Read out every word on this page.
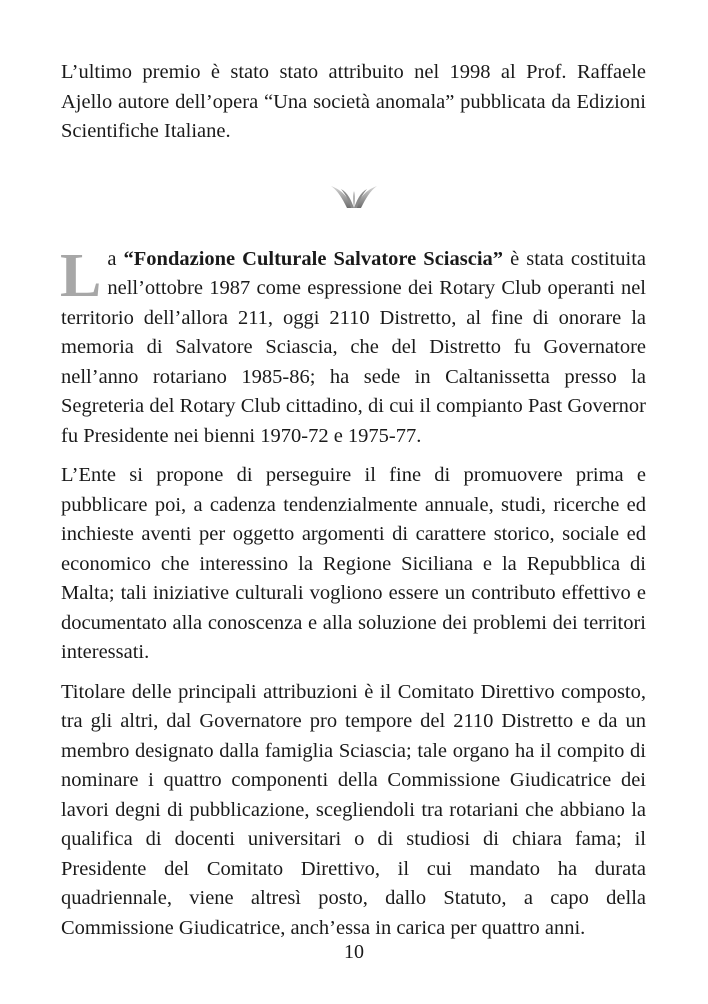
L’ultimo premio è stato stato attribuito nel 1998 al Prof. Raffaele Ajello autore dell’opera “Una società anomala” pubblicata da Edizioni Scientifiche Italiane.

La “Fondazione Culturale Salvatore Sciascia” è stata costituita nell’ottobre 1987 come espressione dei Rotary Club operanti nel territorio dell’allora 211, oggi 2110 Distretto, al fine di onorare la memoria di Salvatore Sciascia, che del Distretto fu Governatore nell’anno rotariano 1985-86; ha sede in Caltanissetta presso la Segreteria del Rotary Club cittadino, di cui il compianto Past Governor fu Presidente nei bienni 1970-72 e 1975-77.

L’Ente si propone di perseguire il fine di promuovere prima e pubblicare poi, a cadenza tendenzialmente annuale, studi, ricerche ed inchieste aventi per oggetto argomenti di carattere storico, sociale ed economico che interessino la Regione Siciliana e la Repubblica di Malta; tali iniziative culturali vogliono essere un contributo effettivo e documentato alla conoscenza e alla soluzione dei problemi dei territori interessati.

Titolare delle principali attribuzioni è il Comitato Direttivo composto, tra gli altri, dal Governatore pro tempore del 2110 Distretto e da un membro designato dalla famiglia Sciascia; tale organo ha il compito di nominare i quattro componenti della Commissione Giudicatrice dei lavori degni di pubblicazione, scegliendoli tra rotariani che abbiano la qualifica di docenti universitari o di studiosi di chiara fama; il Presidente del Comitato Direttivo, il cui mandato ha durata quadriennale, viene altresì posto, dallo Statuto, a capo della Commissione Giudicatrice, anch’essa in carica per quattro anni.

10
